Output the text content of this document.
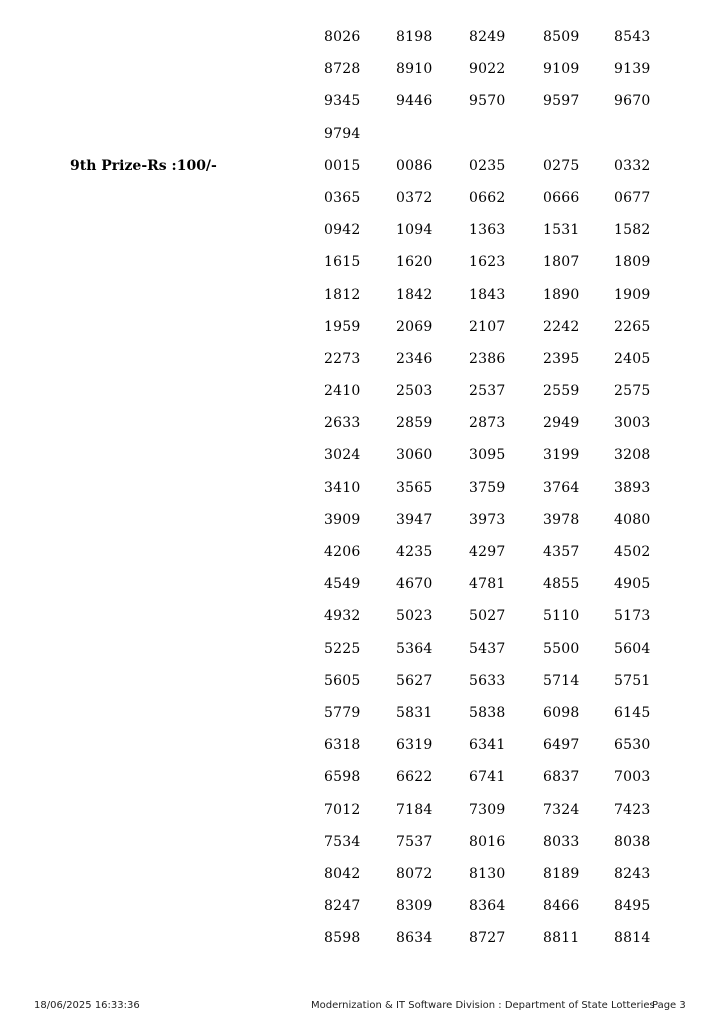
8026	8198	8249	8509 8543
8728	8910	9022	9109 9139
9345	9446	9570	9597 9670
9794
9th Prize-Rs :100/-	0015	0086	0235	0275 0332
0365	0372	0662	0666 0677
0942	1094	1363	1531 1582
1615	1620	1623	1807 1809
1812	1842	1843	1890 1909
1959	2069	2107	2242 2265
2273	2346	2386	2395 2405
2410	2503	2537	2559 2575
2633	2859	2873	2949 3003
3024	3060	3095	3199 3208
3410	3565	3759	3764 3893
3909	3947	3973	3978 4080
4206	4235	4297	4357 4502
4549	4670	4781	4855 4905
4932	5023	5027	5110 5173
5225	5364	5437	5500 5604
5605	5627	5633	5714 5751
5779	5831	5838	6098 6145
6318	6319	6341	6497 6530
6598	6622	6741	6837 7003
7012	7184	7309	7324 7423
7534	7537	8016	8033 8038
8042	8072	8130	8189 8243
8247	8309	8364	8466 8495
8598	8634	8727	8811 8814
18/06/2025 16:33:36	Modernization & IT Software Division : Department of State Lotteries
Page 3
